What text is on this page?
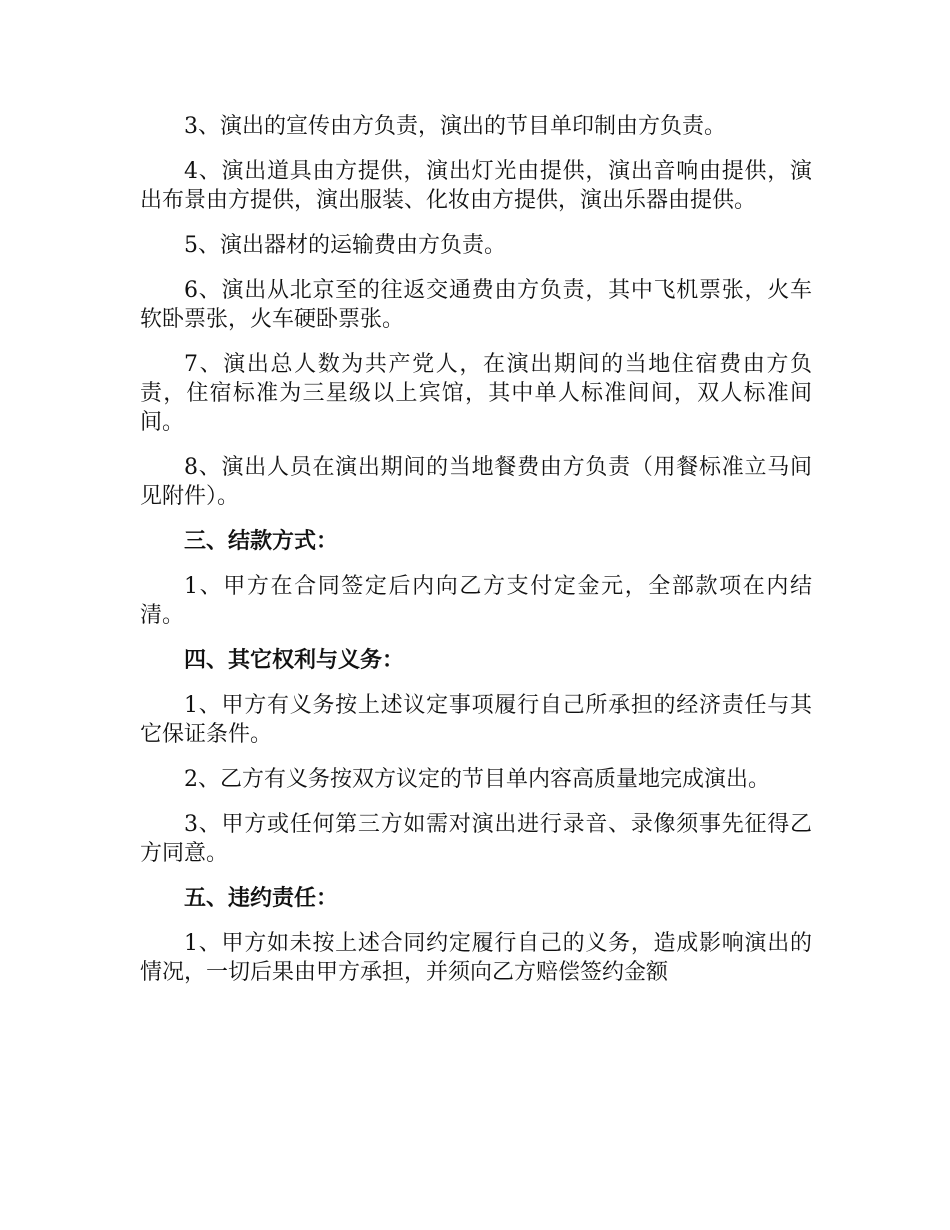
3、演出的宣传由方负责，演出的节目单印制由方负责。

4、演出道具由方提供，演出灯光由提供，演出音响由提供，演出布景由方提供，演出服装、化妆由方提供，演出乐器由提供。

5、演出器材的运输费由方负责。

6、演出从北京至的往返交通费由方负责，其中飞机票张，火车软卧票张，火车硬卧票张。

7、演出总人数为共产党人，在演出期间的当地住宿费由方负责，住宿标准为三星级以上宾馆，其中单人标准间间，双人标准间间。

8、演出人员在演出期间的当地餐费由方负责（用餐标准立马间见附件）。

三、结款方式：

1、甲方在合同签定后内向乙方支付定金元，全部款项在内结清。

四、其它权利与义务：

1、甲方有义务按上述议定事项履行自己所承担的经济责任与其它保证条件。

2、乙方有义务按双方议定的节目单内容高质量地完成演出。

3、甲方或任何第三方如需对演出进行录音、录像须事先征得乙方同意。

五、违约责任：

1、甲方如未按上述合同约定履行自己的义务，造成影响演出的情况，一切后果由甲方承担，并须向乙方赔偿签约金额
